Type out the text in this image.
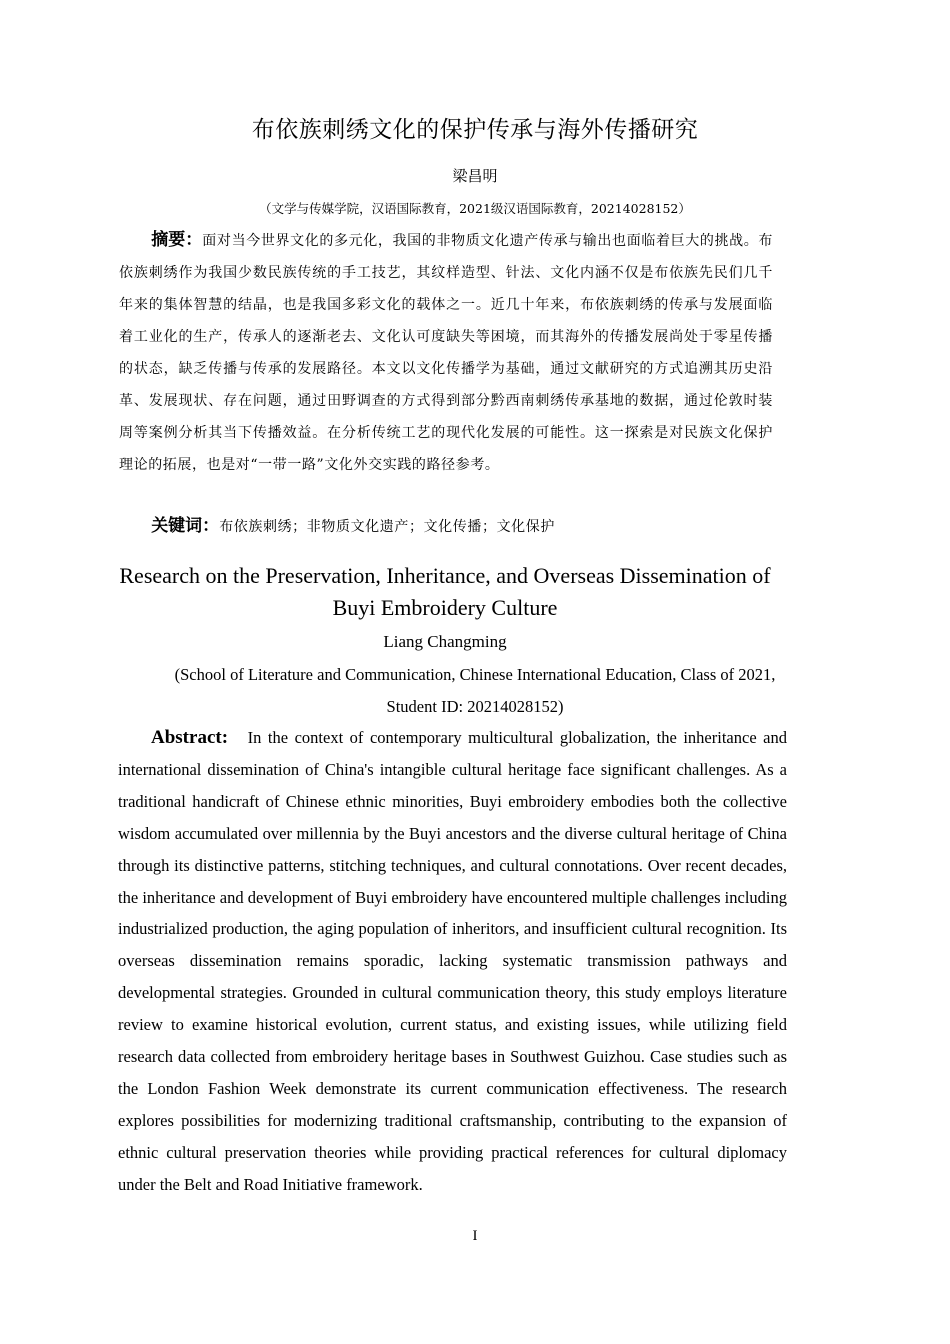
布依族刺绣文化的保护传承与海外传播研究
梁昌明
（文学与传媒学院，汉语国际教育，2021级汉语国际教育，20214028152）
摘要：面对当今世界文化的多元化，我国的非物质文化遗产传承与输出也面临着巨大的挑战。布依族刺绣作为我国少数民族传统的手工技艺，其纹样造型、针法、文化内涵不仅是布依族先民们几千年来的集体智慧的结晶，也是我国多彩文化的载体之一。近几十年来，布依族刺绣的传承与发展面临着工业化的生产，传承人的逐渐老去、文化认可度缺失等困境，而其海外的传播发展尚处于零星传播的状态，缺乏传播与传承的发展路径。本文以文化传播学为基础，通过文献研究的方式追溯其历史沿革、发展现状、存在问题，通过田野调查的方式得到部分黔西南刺绣传承基地的数据，通过伦敦时装周等案例分析其当下传播效益。在分析传统工艺的现代化发展的可能性。这一探索是对民族文化保护理论的拓展，也是对“一带一路”文化外交实践的路径参考。
关键词：布依族刺绣；非物质文化遗产；文化传播；文化保护
Research on the Preservation, Inheritance, and Overseas Dissemination of Buyi Embroidery Culture
Liang Changming
(School of Literature and Communication, Chinese International Education, Class of 2021, Student ID: 20214028152)
Abstract: In the context of contemporary multicultural globalization, the inheritance and international dissemination of China's intangible cultural heritage face significant challenges. As a traditional handicraft of Chinese ethnic minorities, Buyi embroidery embodies both the collective wisdom accumulated over millennia by the Buyi ancestors and the diverse cultural heritage of China through its distinctive patterns, stitching techniques, and cultural connotations. Over recent decades, the inheritance and development of Buyi embroidery have encountered multiple challenges including industrialized production, the aging population of inheritors, and insufficient cultural recognition. Its overseas dissemination remains sporadic, lacking systematic transmission pathways and developmental strategies. Grounded in cultural communication theory, this study employs literature review to examine historical evolution, current status, and existing issues, while utilizing field research data collected from embroidery heritage bases in Southwest Guizhou. Case studies such as the London Fashion Week demonstrate its current communication effectiveness. The research explores possibilities for modernizing traditional craftsmanship, contributing to the expansion of ethnic cultural preservation theories while providing practical references for cultural diplomacy under the Belt and Road Initiative framework.
I
